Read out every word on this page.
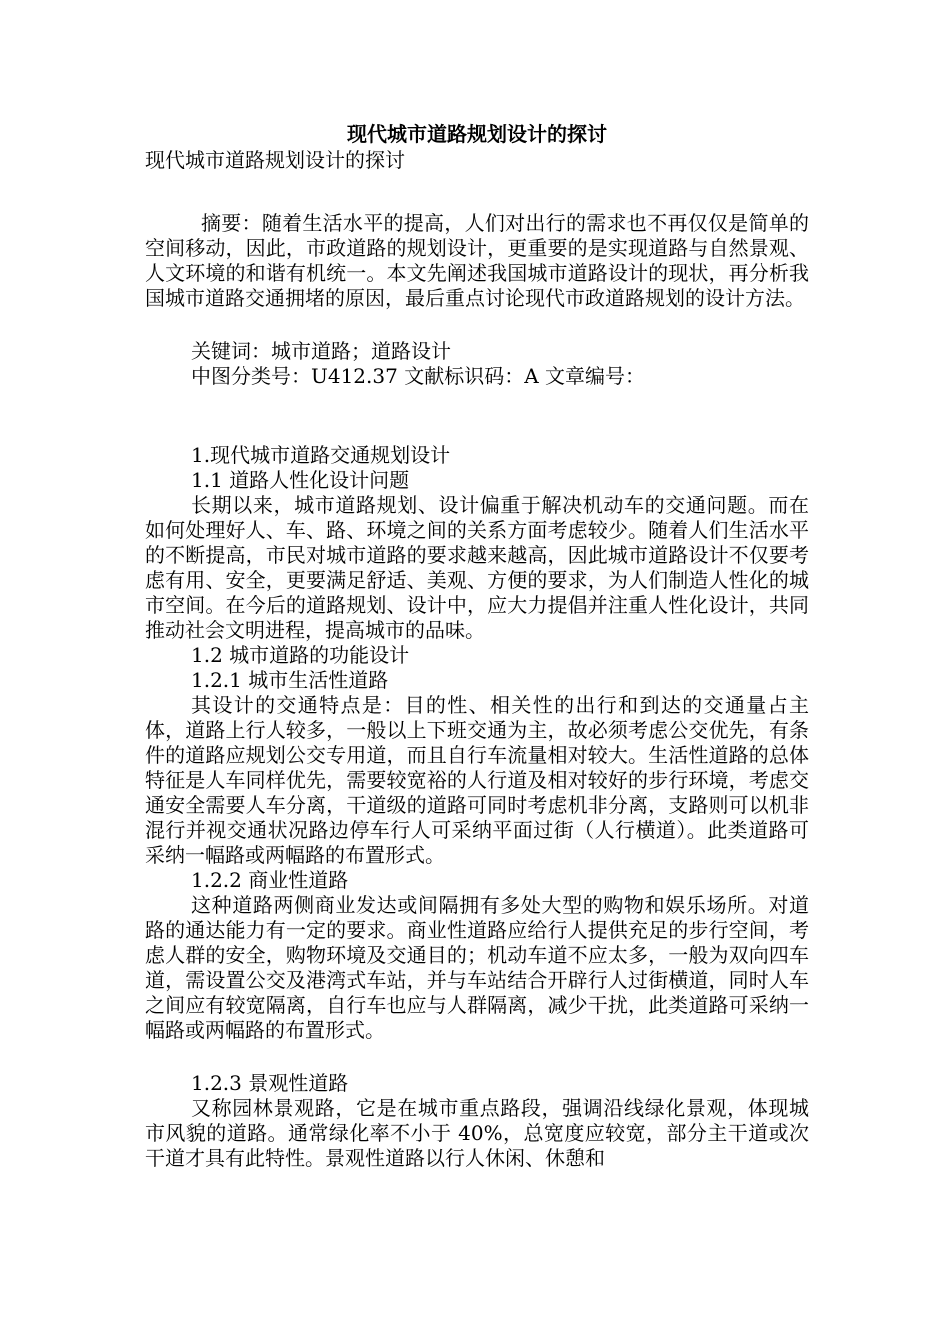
现代城市道路规划设计的探讨

现代城市道路规划设计的探讨

摘要：随着生活水平的提高，人们对出行的需求也不再仅仅是简单的空间移动，因此，市政道路的规划设计，更重要的是实现道路与自然景观、人文环境的和谐有机统一。本文先阐述我国城市道路设计的现状，再分析我国城市道路交通拥堵的原因，最后重点讨论现代市政道路规划的设计方法。

关键词：城市道路；道路设计

中图分类号：U412.37 文献标识码：A 文章编号：

1.现代城市道路交通规划设计

1.1 道路人性化设计问题

长期以来，城市道路规划、设计偏重于解决机动车的交通问题。而在如何处理好人、车、路、环境之间的关系方面考虑较少。随着人们生活水平的不断提高，市民对城市道路的要求越来越高，因此城市道路设计不仅要考虑有用、安全，更要满足舒适、美观、方便的要求，为人们制造人性化的城市空间。在今后的道路规划、设计中，应大力提倡并注重人性化设计，共同推动社会文明进程，提高城市的品味。

1.2 城市道路的功能设计

1.2.1 城市生活性道路

其设计的交通特点是：目的性、相关性的出行和到达的交通量占主体，道路上行人较多，一般以上下班交通为主，故必须考虑公交优先，有条件的道路应规划公交专用道，而且自行车流量相对较大。生活性道路的总体特征是人车同样优先，需要较宽裕的人行道及相对较好的步行环境，考虑交通安全需要人车分离，干道级的道路可同时考虑机非分离，支路则可以机非混行并视交通状况路边停车行人可采纳平面过街（人行横道）。此类道路可采纳一幅路或两幅路的布置形式。

1.2.2 商业性道路

这种道路两侧商业发达或间隔拥有多处大型的购物和娱乐场所。对道路的通达能力有一定的要求。商业性道路应给行人提供充足的步行空间，考虑人群的安全，购物环境及交通目的；机动车道不应太多，一般为双向四车道，需设置公交及港湾式车站，并与车站结合开辟行人过街横道，同时人车之间应有较宽隔离，自行车也应与人群隔离，减少干扰，此类道路可采纳一幅路或两幅路的布置形式。

1.2.3 景观性道路

又称园林景观路，它是在城市重点路段，强调沿线绿化景观，体现城市风貌的道路。通常绿化率不小于 40%，总宽度应较宽，部分主干道或次干道才具有此特性。景观性道路以行人休闲、休憩和
